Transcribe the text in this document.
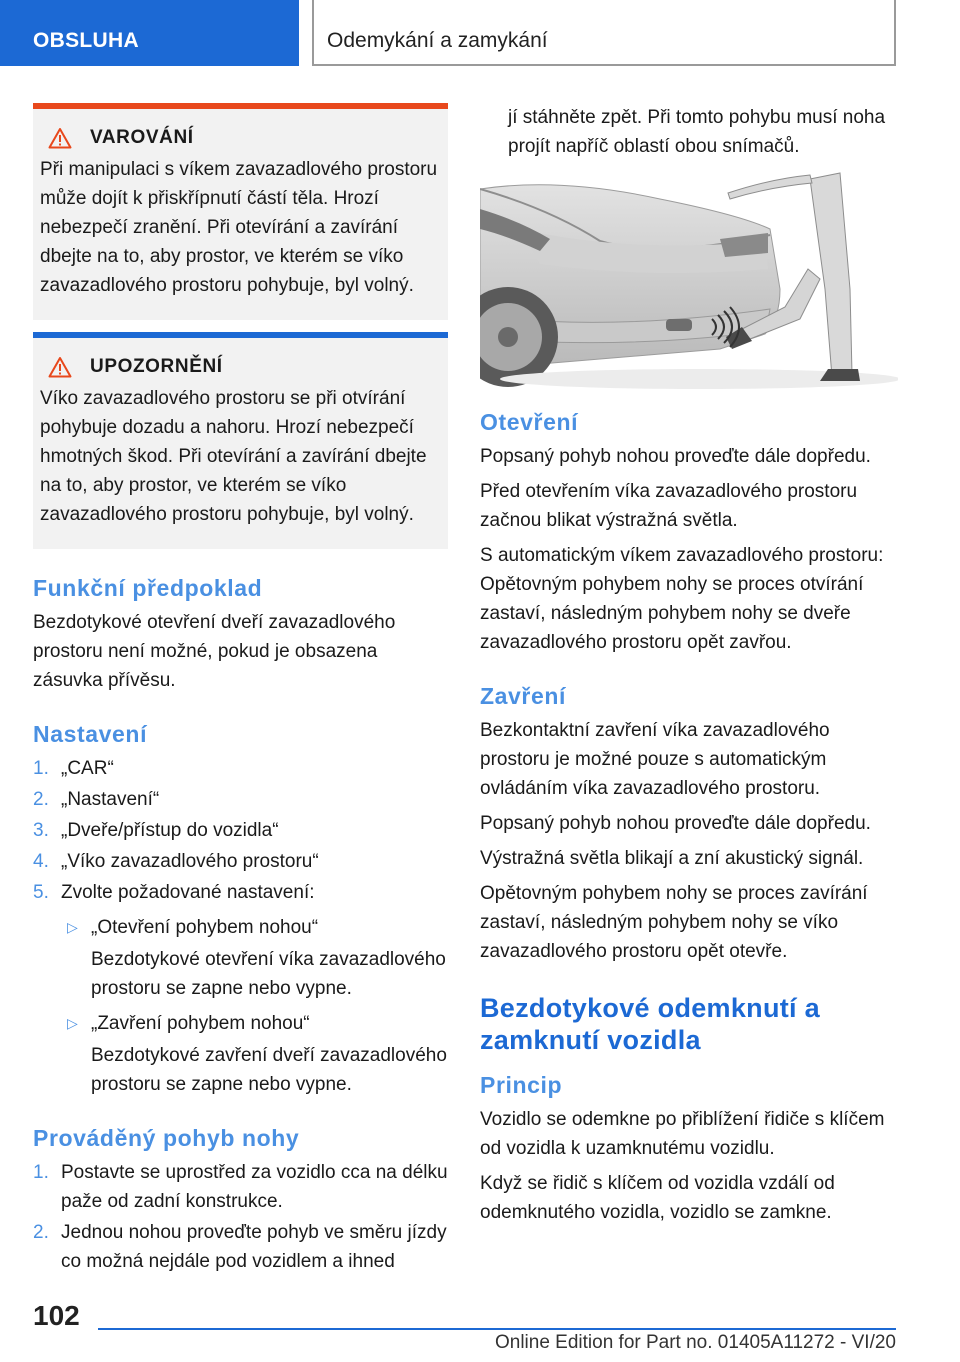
OBSLUHA	Odemykání a zamykání
VAROVÁNÍ
Při manipulaci s víkem zavazadlového prostoru může dojít k přiskřípnutí částí těla. Hrozí nebezpečí zranění. Při otevírání a zavírání dbejte na to, aby prostor, ve kterém se víko zavazadlového prostoru pohybuje, byl volný.
UPOZORNĚNÍ
Víko zavazadlového prostoru se při otvírání pohybuje dozadu a nahoru. Hrozí nebezpečí hmotných škod. Při otevírání a zavírání dbejte na to, aby prostor, ve kterém se víko zavazadlového prostoru pohybuje, byl volný.
Funkční předpoklad

Bezdotykové otevření dveří zavazadlového prostoru není možné, pokud je obsazena zásuvka přívěsu.

Nastavení
1. „CAR“
2. „Nastavení“
3. „Dveře/přístup do vozidla“
4. „Víko zavazadlového prostoru“
5. Zvolte požadované nastavení:
▷ „Otevření pohybem nohou“
Bezdotykové otevření víka zavazadlového prostoru se zapne nebo vypne.
▷ „Zavření pohybem nohou“
Bezdotykové zavření dveří zavazadlového prostoru se zapne nebo vypne.
Prováděný pohyb nohy
1. Postavte se uprostřed za vozidlo cca na délku paže od zadní konstrukce.
2. Jednou nohou proveďte pohyb ve směru jízdy co možná nejdále pod vozidlem a ihned

jí stáhněte zpět. Při tomto pohybu musí noha projít napříč oblastí obou snímačů.

Otevření

Popsaný pohyb nohou proveďte dále dopředu.

Před otevřením víka zavazadlového prostoru začnou blikat výstražná světla.

S automatickým víkem zavazadlového prostoru: Opětovným pohybem nohy se proces otvírání zastaví, následným pohybem nohy se dveře zavazadlového prostoru opět zavřou.

Zavření

Bezkontaktní zavření víka zavazadlového prostoru je možné pouze s automatickým ovládáním víka zavazadlového prostoru.

Popsaný pohyb nohou proveďte dále dopředu.

Výstražná světla blikají a zní akustický signál.

Opětovným pohybem nohy se proces zavírání zastaví, následným pohybem nohy se víko zavazadlového prostoru opět otevře.

Bezdotykové odemknutí a zamknutí vozidla
Princip

Vozidlo se odemkne po přiblížení řidiče s klíčem od vozidla k uzamknutému vozidlu.

Když se řidič s klíčem od vozidla vzdálí od odemknutého vozidla, vozidlo se zamkne.

102
Online Edition for Part no. 01405A11272 - VI/20
